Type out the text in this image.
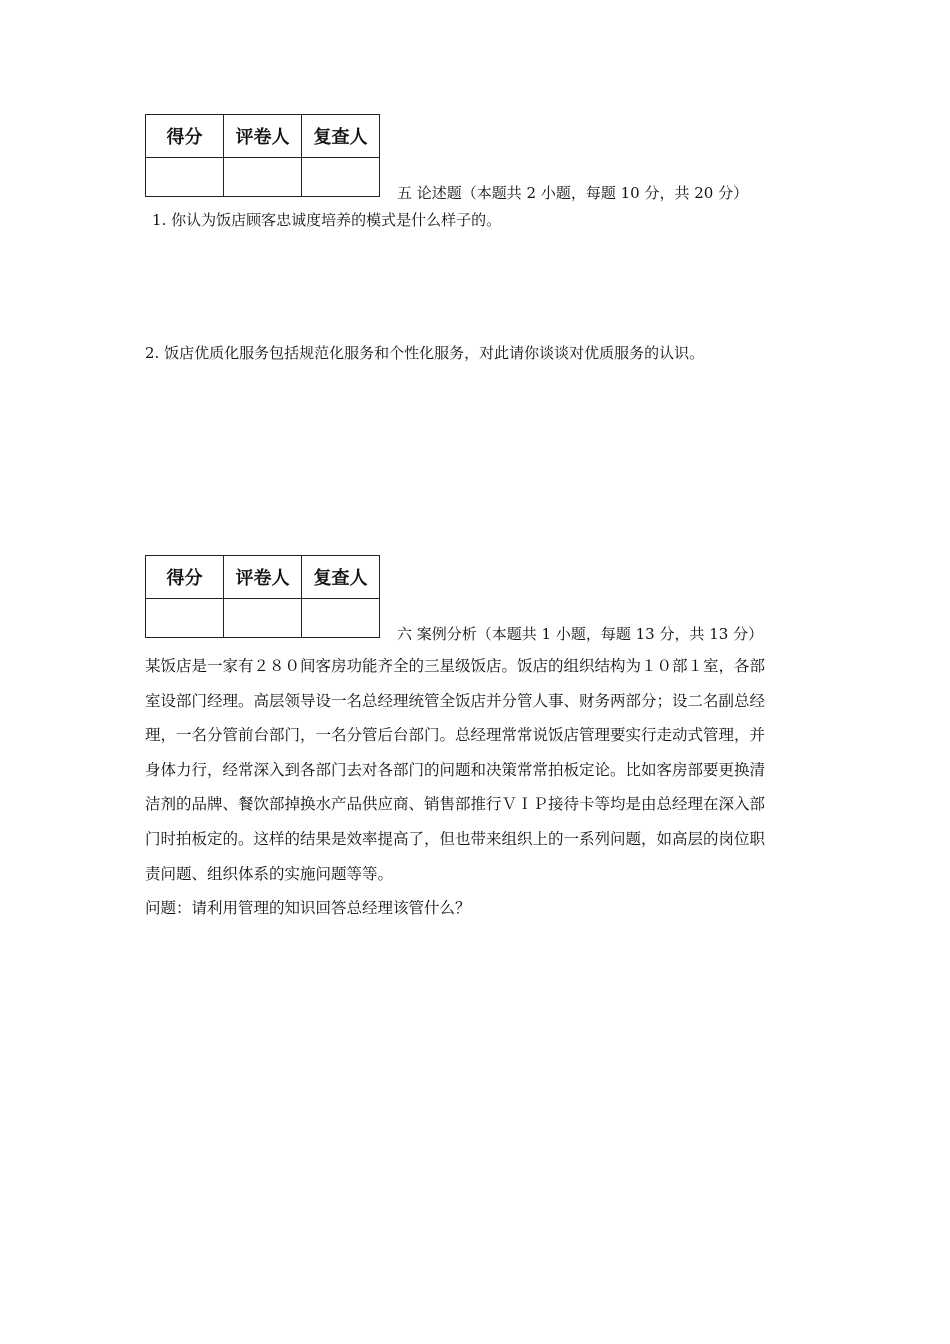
得分	评卷人	复查人

五 论述题（本题共 2 小题，每题 10 分，共 20 分）
1. 你认为饭店顾客忠诚度培养的模式是什么样子的。
2. 饭店优质化服务包括规范化服务和个性化服务，对此请你谈谈对优质服务的认识。
得分	评卷人	复查人

六 案例分析（本题共 1 小题，每题 13 分，共 13 分）
某饭店是一家有２８０间客房功能齐全的三星级饭店。饭店的组织结构为１０部１室，各部
室设部门经理。高层领导设一名总经理统管全饭店并分管人事、财务两部分；设二名副总经
理，一名分管前台部门，一名分管后台部门。总经理常常说饭店管理要实行走动式管理，并
身体力行，经常深入到各部门去对各部门的问题和决策常常拍板定论。比如客房部要更换清
洁剂的品牌、餐饮部掉换水产品供应商、销售部推行ＶＩＰ接待卡等均是由总经理在深入部
门时拍板定的。这样的结果是效率提高了，但也带来组织上的一系列问题，如高层的岗位职
责问题、组织体系的实施问题等等。
问题：请利用管理的知识回答总经理该管什么？
